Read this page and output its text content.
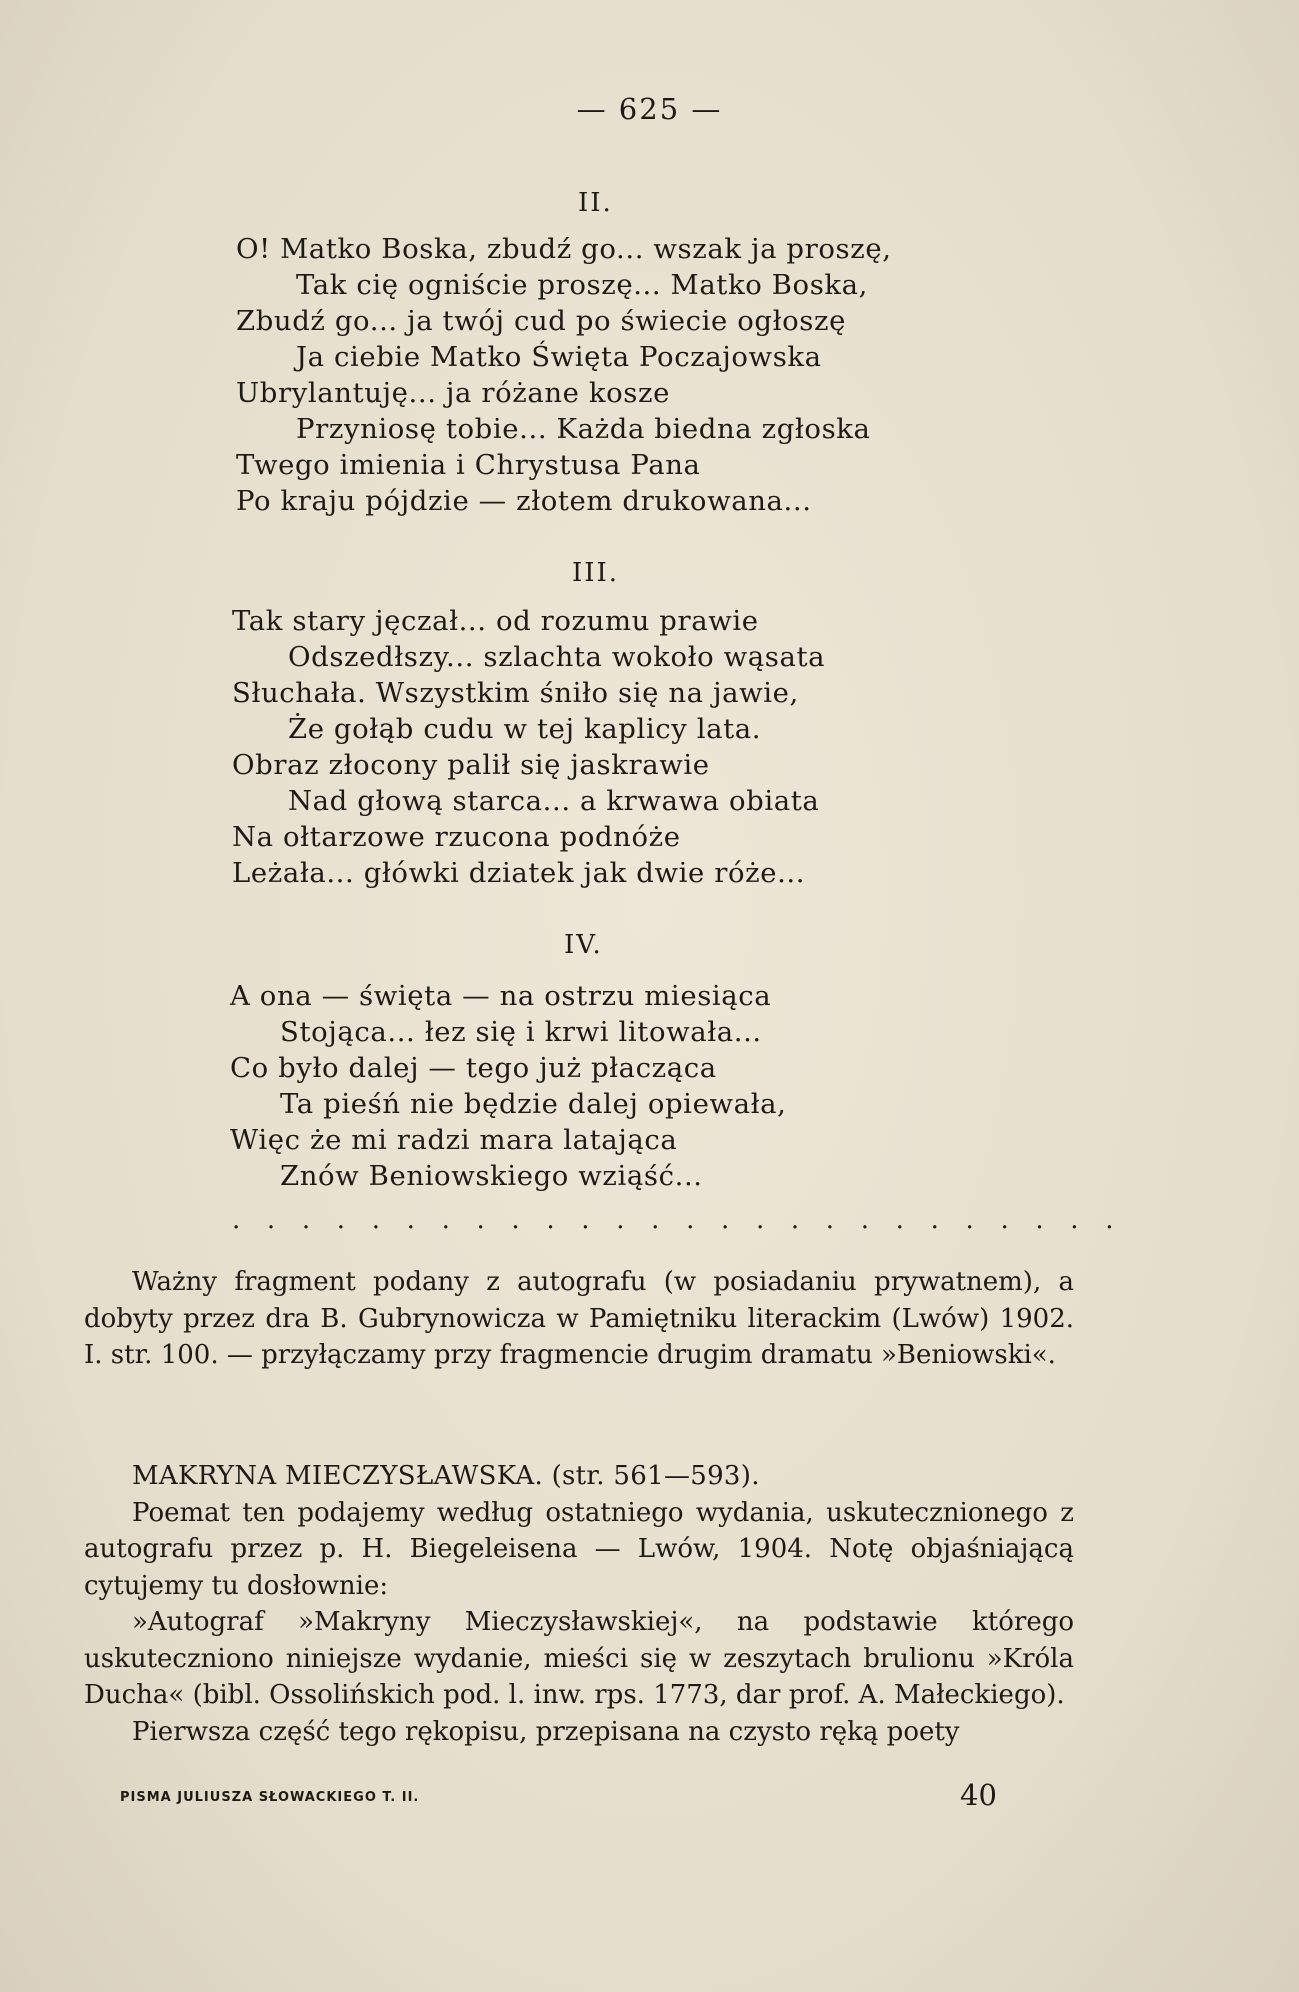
— 625 —
II.
O! Matko Boska, zbudź go... wszak ja proszę,
Tak cię ogniście proszę... Matko Boska,
Zbudź go... ja twój cud po świecie ogłoszę
Ja ciebie Matko Święta Poczajowska
Ubrylantuję... ja różane kosze
Przyniosę tobie... Każda biedna zgłoska
Twego imienia i Chrystusa Pana
Po kraju pójdzie — złotem drukowana...
III.
Tak stary jęczał... od rozumu prawie
Odszedłszy... szlachta wokoło wąsata
Słuchała. Wszystkim śniło się na jawie,
Że gołąb cudu w tej kaplicy lata.
Obraz złocony palił się jaskrawie
Nad głową starca... a krwawa obiata
Na ołtarzowe rzucona podnóże
Leżała... główki dziatek jak dwie róże...
IV.
A ona — święta — na ostrzu miesiąca
Stojąca... łez się i krwi litowała...
Co było dalej — tego już płacząca
Ta pieśń nie będzie dalej opiewała,
Więc że mi radzi mara latająca
Znów Beniowskiego wziąść...
. . . . . . . . . . . . . . . . . . . . . . . . . .

Ważny fragment podany z autografu (w posiadaniu prywatnem), a dobyty przez dra B. Gubrynowicza w Pamiętniku literackim (Lwów) 1902. I. str. 100. — przyłączamy przy fragmencie drugim dramatu »Beniowski«.

MAKRYNA MIECZYSŁAWSKA. (str. 561—593).

Poemat ten podajemy według ostatniego wydania, uskutecznionego z autografu przez p. H. Biegeleisena — Lwów, 1904. Notę objaśniającą cytujemy tu dosłownie:

»Autograf »Makryny Mieczysławskiej«, na podstawie którego uskuteczniono niniejsze wydanie, mieści się w zeszytach brulionu »Króla Ducha« (bibl. Ossolińskich pod. l. inw. rps. 1773, dar prof. A. Małeckiego).

Pierwsza część tego rękopisu, przepisana na czysto ręką poety

PISMA JULIUSZA SŁOWACKIEGO T. II.	40
